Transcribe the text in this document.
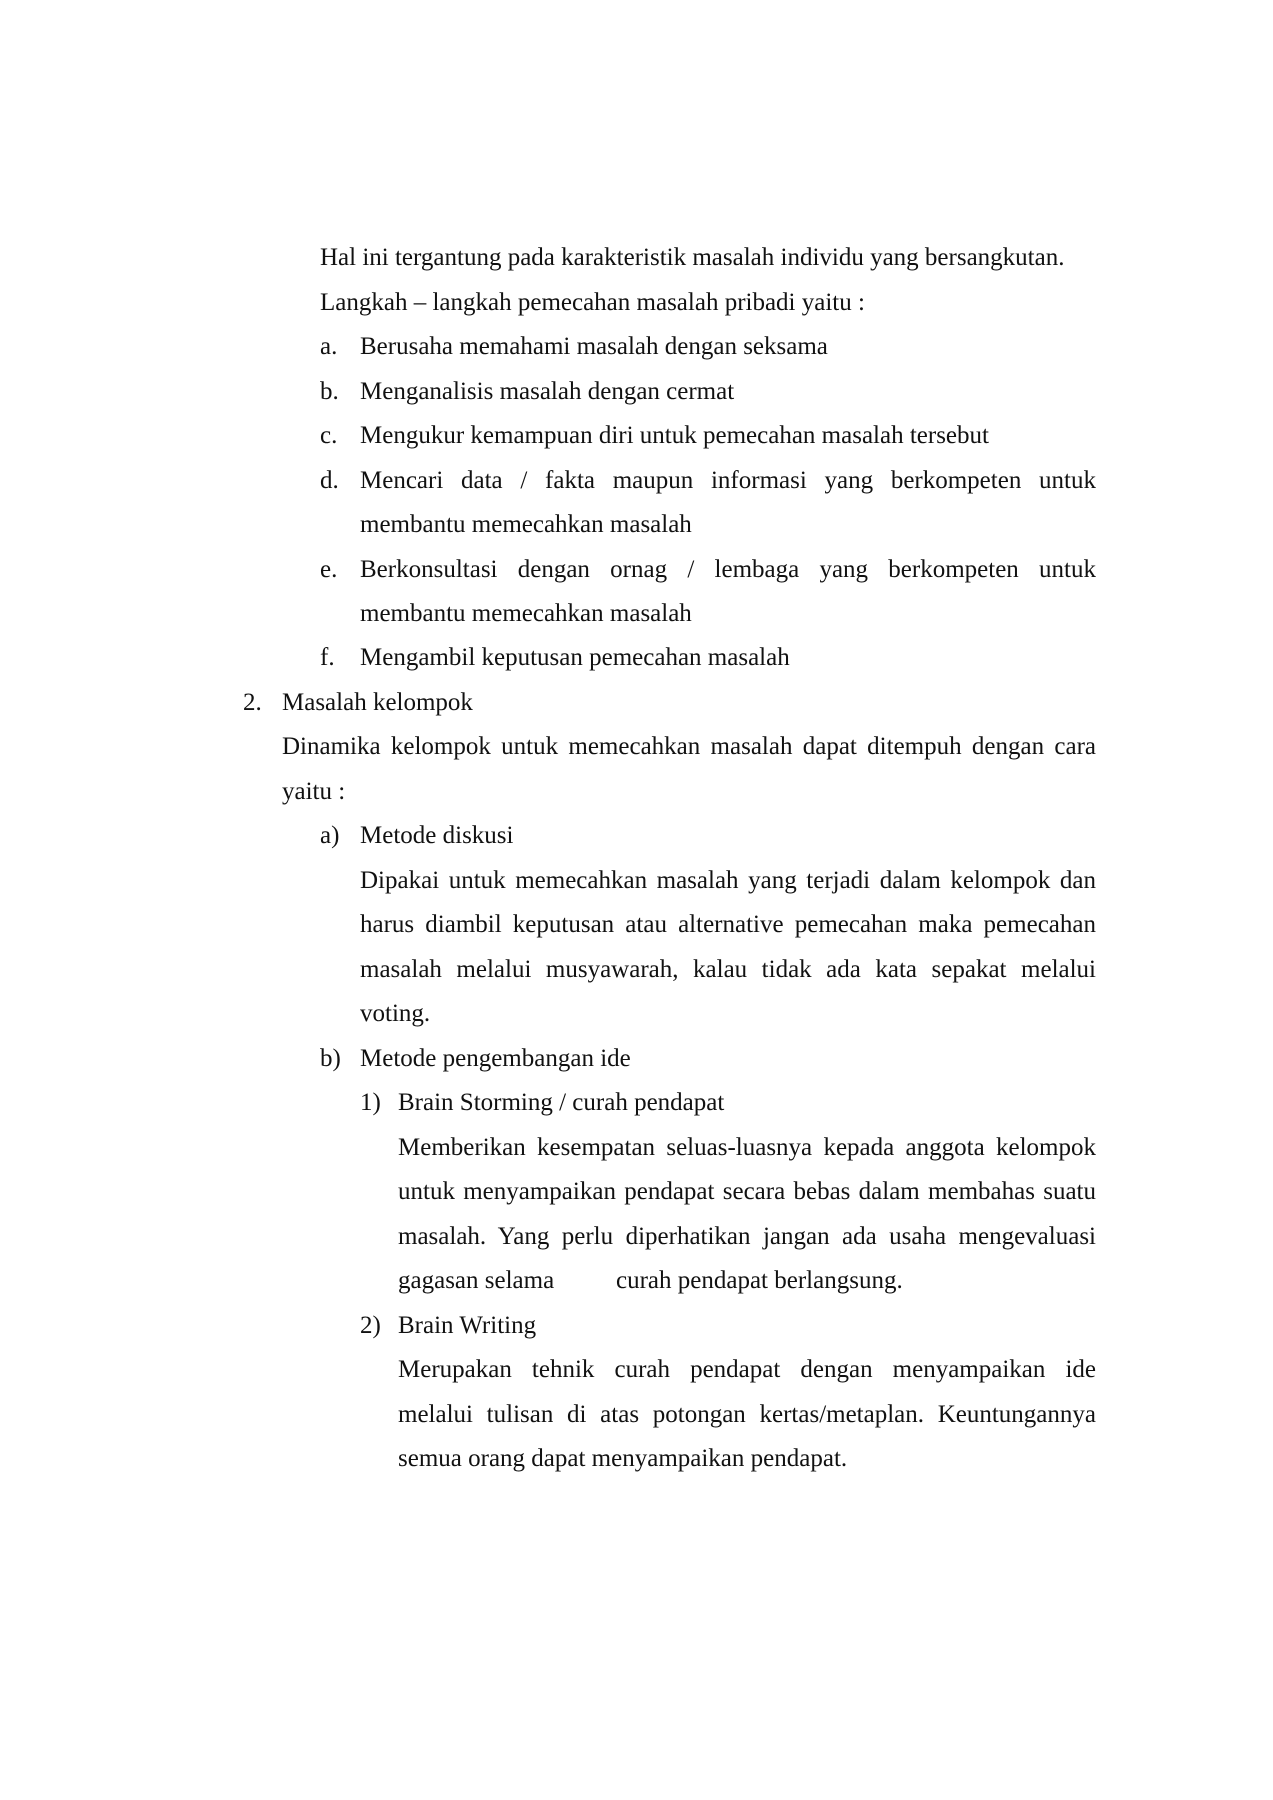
Hal ini tergantung pada karakteristik masalah individu yang bersangkutan.
Langkah – langkah pemecahan masalah pribadi yaitu :
a. Berusaha memahami masalah dengan seksama
b. Menganalisis masalah dengan cermat
c. Mengukur kemampuan diri untuk pemecahan masalah tersebut
d. Mencari data / fakta maupun informasi yang berkompeten untuk
membantu memecahkan masalah
e. Berkonsultasi dengan ornag / lembaga yang berkompeten untuk
membantu memecahkan masalah
f. Mengambil keputusan pemecahan masalah
2. Masalah kelompok
Dinamika kelompok untuk memecahkan masalah dapat ditempuh dengan cara
yaitu :
a) Metode diskusi
Dipakai untuk memecahkan masalah yang terjadi dalam kelompok dan
harus diambil keputusan atau alternative pemecahan maka pemecahan
masalah melalui musyawarah, kalau tidak ada kata sepakat melalui
voting.
b) Metode pengembangan ide
1) Brain Storming / curah pendapat
Memberikan kesempatan seluas-luasnya kepada anggota kelompok
untuk menyampaikan pendapat secara bebas dalam membahas suatu
masalah. Yang perlu diperhatikan jangan ada usaha mengevaluasi
gagasan selama curah pendapat berlangsung.
2) Brain Writing
Merupakan tehnik curah pendapat dengan menyampaikan ide
melalui tulisan di atas potongan kertas/metaplan. Keuntungannya
semua orang dapat menyampaikan pendapat.
